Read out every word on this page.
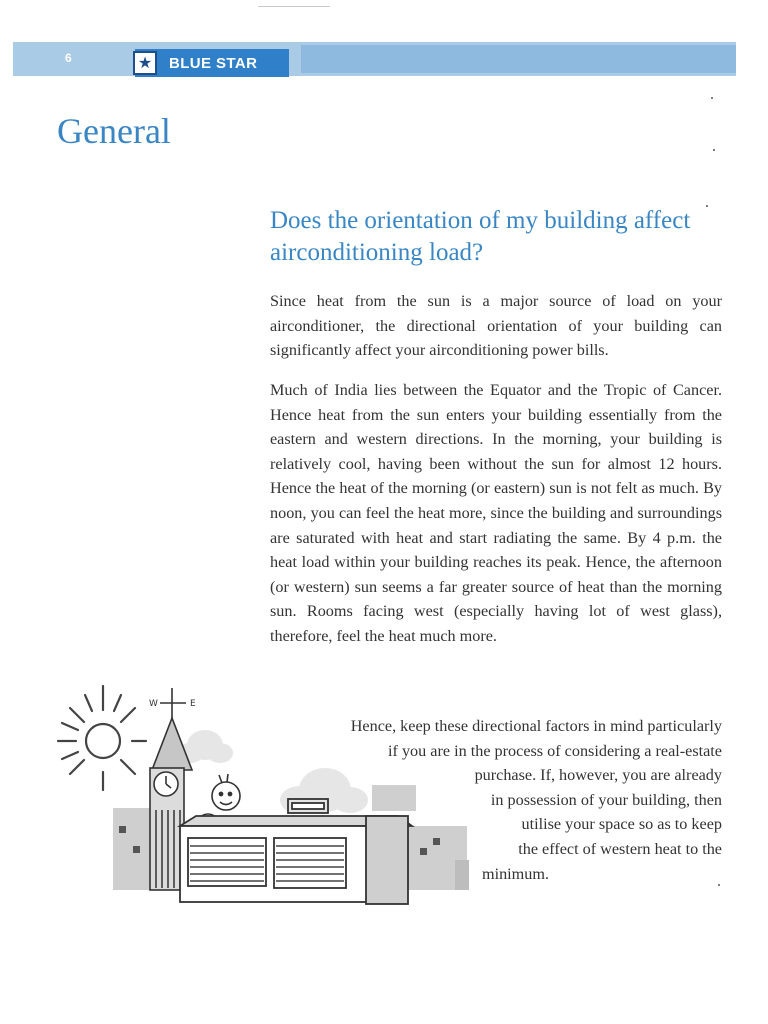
6	★	BLUE STAR
General
Does the orientation of my building affect airconditioning load?

Since heat from the sun is a major source of load on your airconditioner, the directional orientation of your building can significantly affect your airconditioning power bills.

Much of India lies between the Equator and the Tropic of Cancer. Hence heat from the sun enters your building essentially from the eastern and western directions. In the morning, your building is relatively cool, having been without the sun for almost 12 hours. Hence the heat of the morning (or eastern) sun is not felt as much. By noon, you can feel the heat more, since the building and surroundings are saturated with heat and start radiating the same. By 4 p.m. the heat load within your building reaches its peak. Hence, the afternoon (or western) sun seems a far greater source of heat than the morning sun. Rooms facing west (especially having lot of west glass), therefore, feel the heat much more.

W	E
Hence, keep these directional factors in mind particularly
if you are in the process of considering a real-estate
purchase. If, however, you are already
in possession of your building, then
utilise your space so as to keep
the effect of western heat to the
minimum.
